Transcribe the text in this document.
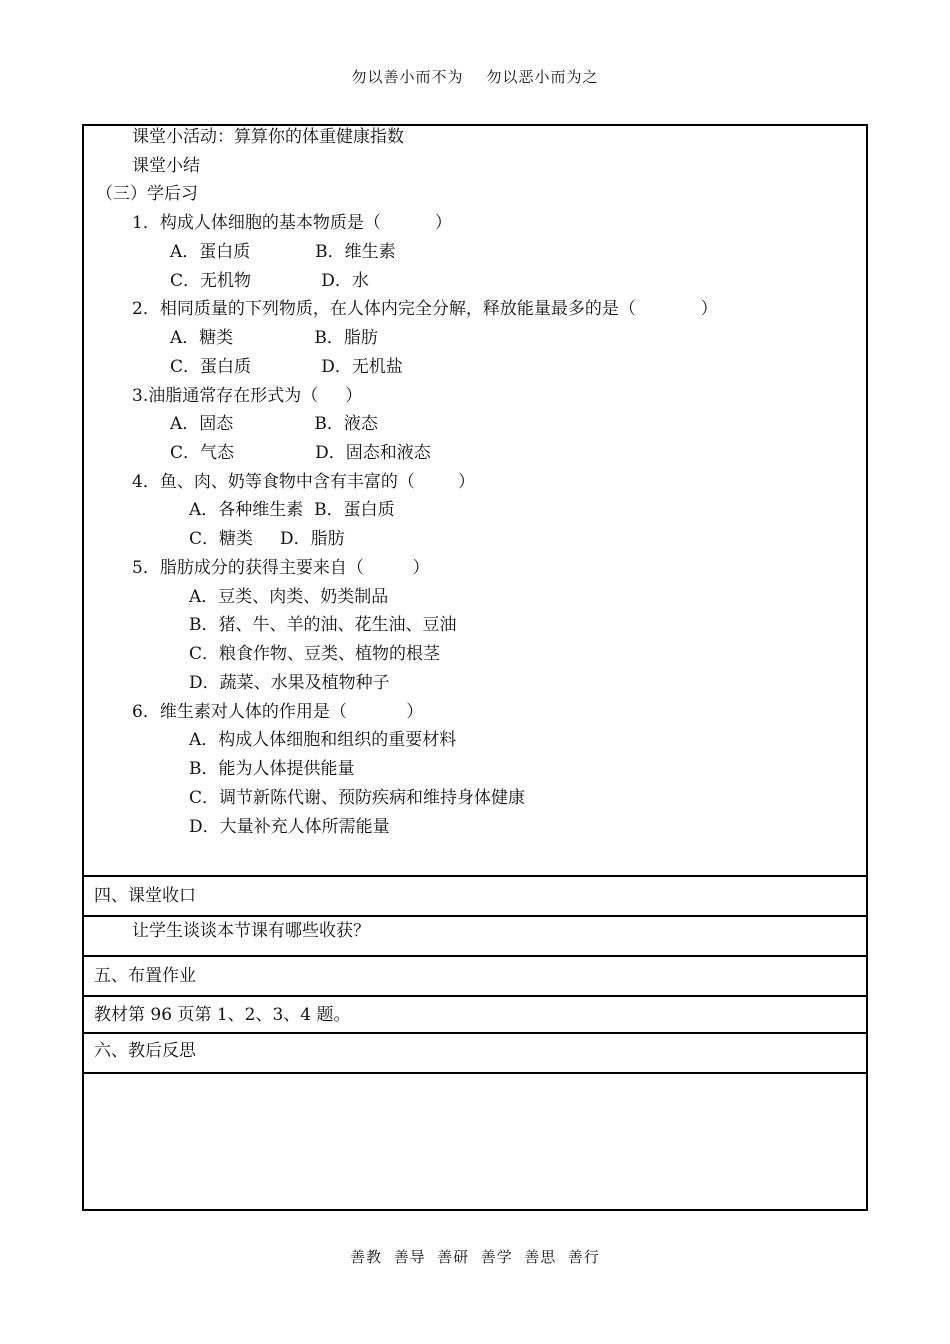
勿以善小而不为    勿以恶小而为之
课堂小活动：算算你的体重健康指数
课堂小结
（三）学后习
1．构成人体细胞的基本物质是（          ）
A．蛋白质            B．维生素
C．无机物             D．水
2．相同质量的下列物质，在人体内完全分解，释放能量最多的是（            ）
A．糖类               B．脂肪
C．蛋白质             D．无机盐
3.油脂通常存在形式为（     ）
A．固态               B．液态
C．气态               D．固态和液态
4．鱼、肉、奶等食物中含有丰富的（        ）
A．各种维生素  B．蛋白质
C．糖类     D．脂肪
5．脂肪成分的获得主要来自（         ）
A．豆类、肉类、奶类制品
B．猪、牛、羊的油、花生油、豆油
C．粮食作物、豆类、植物的根茎
D．蔬菜、水果及植物种子
6．维生素对人体的作用是（           ）
A．构成人体细胞和组织的重要材料
B．能为人体提供能量
C．调节新陈代谢、预防疾病和维持身体健康
D．大量补充人体所需能量
四、课堂收口
让学生谈谈本节课有哪些收获？
五、布置作业
教材第 96 页第 1、2、3、4 题。
六、教后反思
善教  善导  善研  善学  善思  善行
